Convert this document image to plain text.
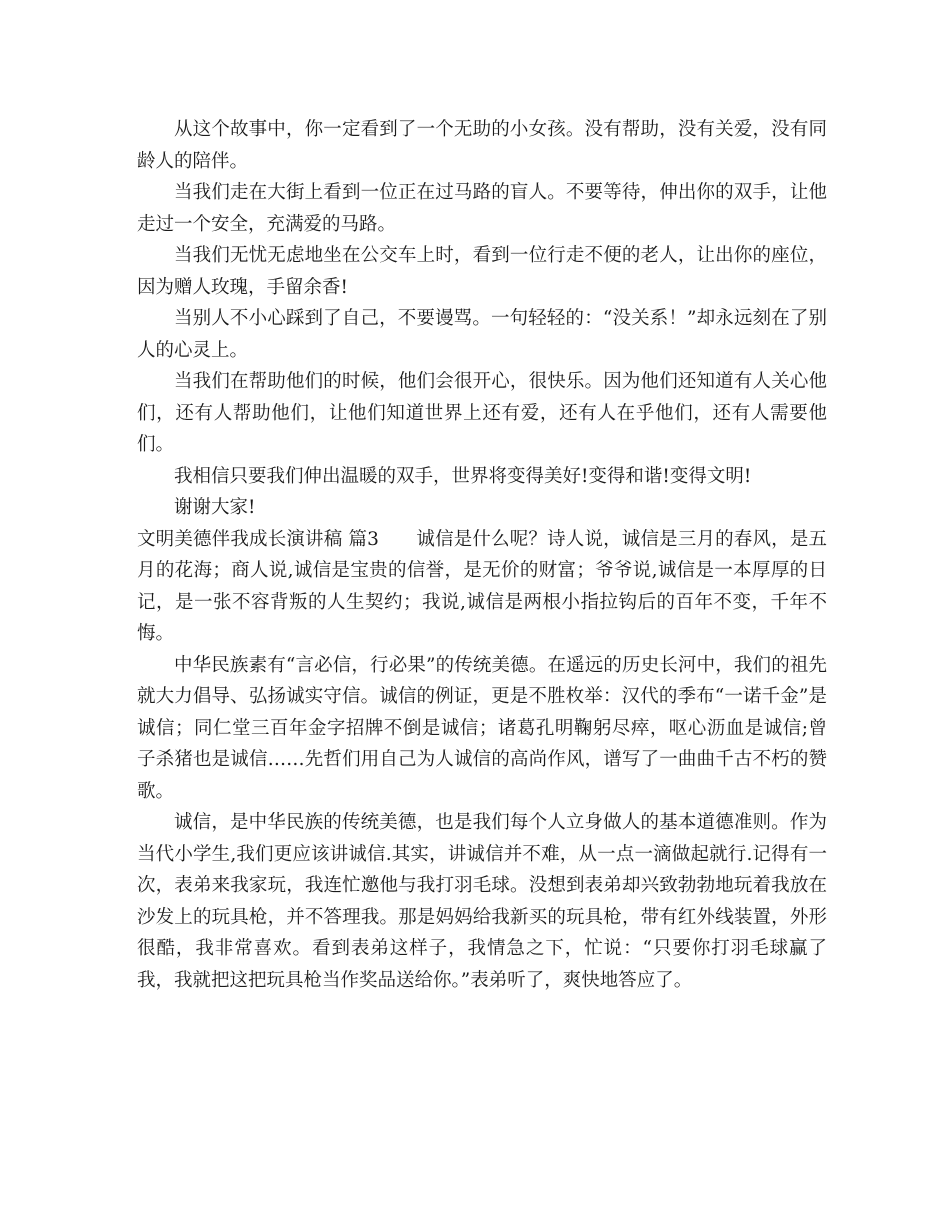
从这个故事中，你一定看到了一个无助的小女孩。没有帮助，没有关爱，没有同龄人的陪伴。

当我们走在大街上看到一位正在过马路的盲人。不要等待，伸出你的双手，让他走过一个安全，充满爱的马路。

当我们无忧无虑地坐在公交车上时，看到一位行走不便的老人，让出你的座位，因为赠人玫瑰，手留余香!

当别人不小心踩到了自己，不要谩骂。一句轻轻的：“没关系！”却永远刻在了别人的心灵上。

当我们在帮助他们的时候，他们会很开心，很快乐。因为他们还知道有人关心他们，还有人帮助他们，让他们知道世界上还有爱，还有人在乎他们，还有人需要他们。

我相信只要我们伸出温暖的双手，世界将变得美好!变得和谐!变得文明!

谢谢大家!

文明美德伴我成长演讲稿 篇3　　诚信是什么呢？诗人说，诚信是三月的春风，是五月的花海；商人说,诚信是宝贵的信誉，是无价的财富；爷爷说,诚信是一本厚厚的日记，是一张不容背叛的人生契约；我说,诚信是两根小指拉钩后的百年不变，千年不悔。

中华民族素有“言必信，行必果”的传统美德。在遥远的历史长河中，我们的祖先就大力倡导、弘扬诚实守信。诚信的例证，更是不胜枚举：汉代的季布“一诺千金”是诚信；同仁堂三百年金字招牌不倒是诚信；诸葛孔明鞠躬尽瘁，呕心沥血是诚信;曾子杀猪也是诚信……先哲们用自己为人诚信的高尚作风，谱写了一曲曲千古不朽的赞歌。

诚信，是中华民族的传统美德，也是我们每个人立身做人的基本道德准则。作为当代小学生,我们更应该讲诚信.其实，讲诚信并不难，从一点一滴做起就行.记得有一次，表弟来我家玩，我连忙邀他与我打羽毛球。没想到表弟却兴致勃勃地玩着我放在沙发上的玩具枪，并不答理我。那是妈妈给我新买的玩具枪，带有红外线装置，外形很酷，我非常喜欢。看到表弟这样子，我情急之下，忙说：“只要你打羽毛球赢了我，我就把这把玩具枪当作奖品送给你。”表弟听了，爽快地答应了。
